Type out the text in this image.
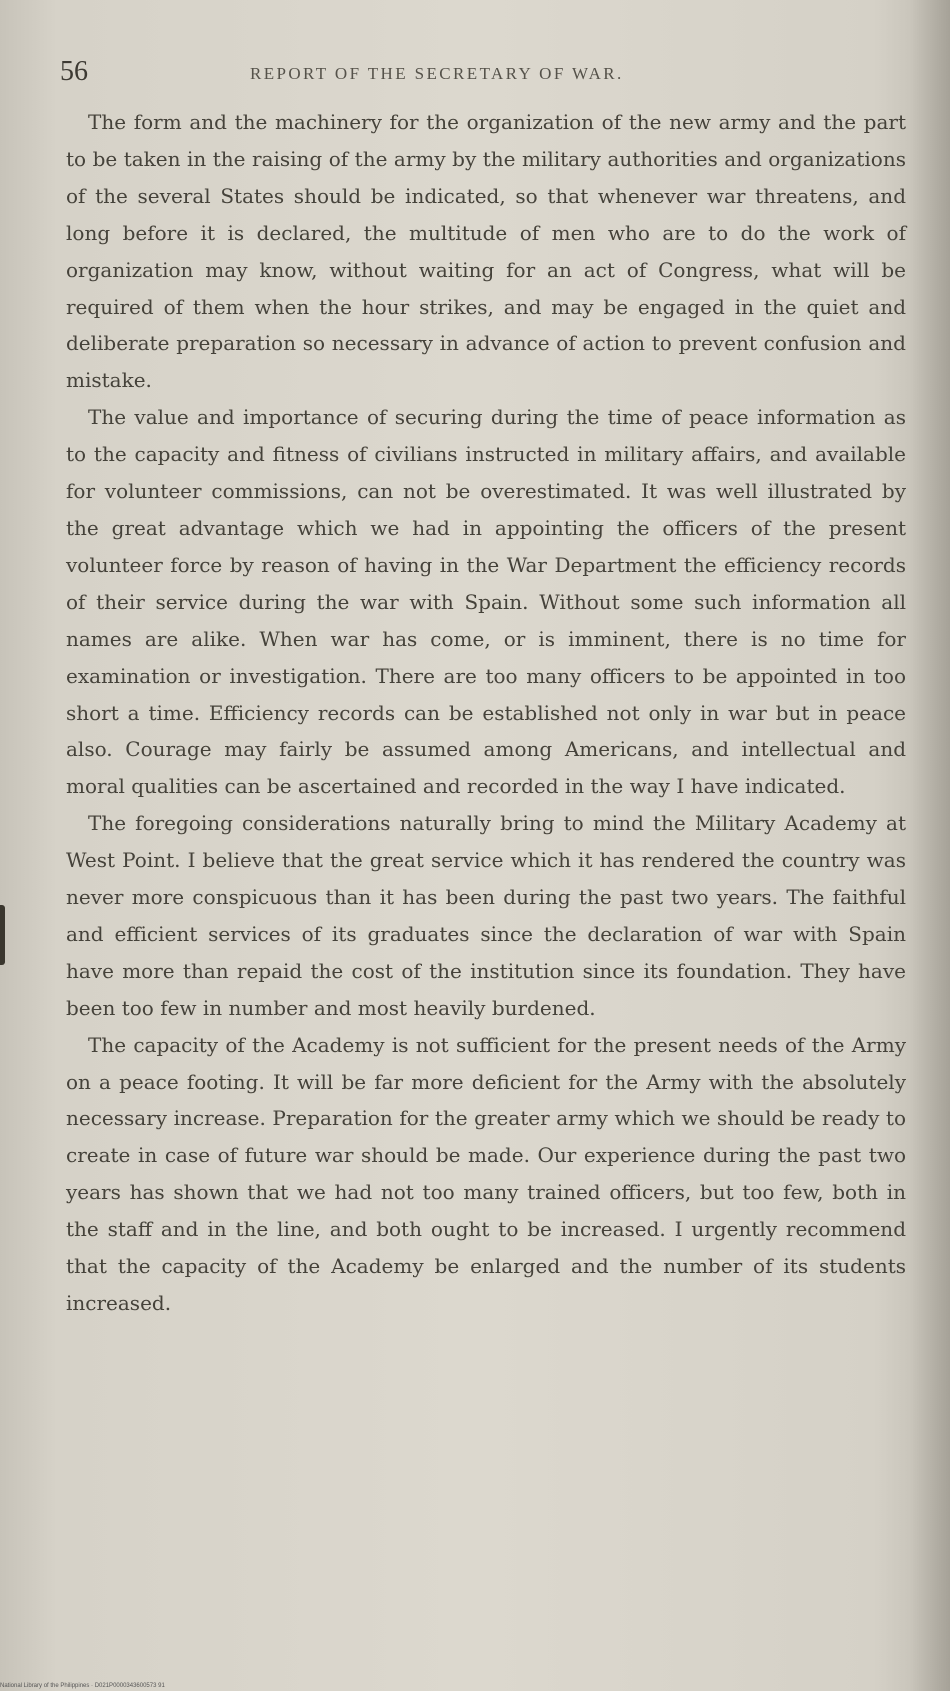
56	REPORT OF THE SECRETARY OF WAR.

The form and the machinery for the organization of the new army and the part to be taken in the raising of the army by the military authorities and organizations of the several States should be indicated, so that whenever war threatens, and long before it is declared, the multitude of men who are to do the work of organization may know, without waiting for an act of Congress, what will be required of them when the hour strikes, and may be engaged in the quiet and deliberate preparation so necessary in advance of action to prevent confusion and mistake.

The value and importance of securing during the time of peace information as to the capacity and fitness of civilians instructed in military affairs, and available for volunteer commissions, can not be overestimated. It was well illustrated by the great advantage which we had in appointing the officers of the present volunteer force by reason of having in the War Department the efficiency records of their service during the war with Spain. Without some such information all names are alike. When war has come, or is imminent, there is no time for examination or investigation. There are too many officers to be appointed in too short a time. Efficiency records can be established not only in war but in peace also. Courage may fairly be assumed among Americans, and intellectual and moral qualities can be ascertained and recorded in the way I have indicated.

The foregoing considerations naturally bring to mind the Military Academy at West Point. I believe that the great service which it has rendered the country was never more conspicuous than it has been during the past two years. The faithful and efficient services of its graduates since the declaration of war with Spain have more than repaid the cost of the institution since its foundation. They have been too few in number and most heavily burdened.

The capacity of the Academy is not sufficient for the present needs of the Army on a peace footing. It will be far more deficient for the Army with the absolutely necessary increase. Preparation for the greater army which we should be ready to create in case of future war should be made. Our experience during the past two years has shown that we had not too many trained officers, but too few, both in the staff and in the line, and both ought to be increased. I urgently recommend that the capacity of the Academy be enlarged and the number of its students increased.

National Library of the Philippines · D021P0000343600573 91
